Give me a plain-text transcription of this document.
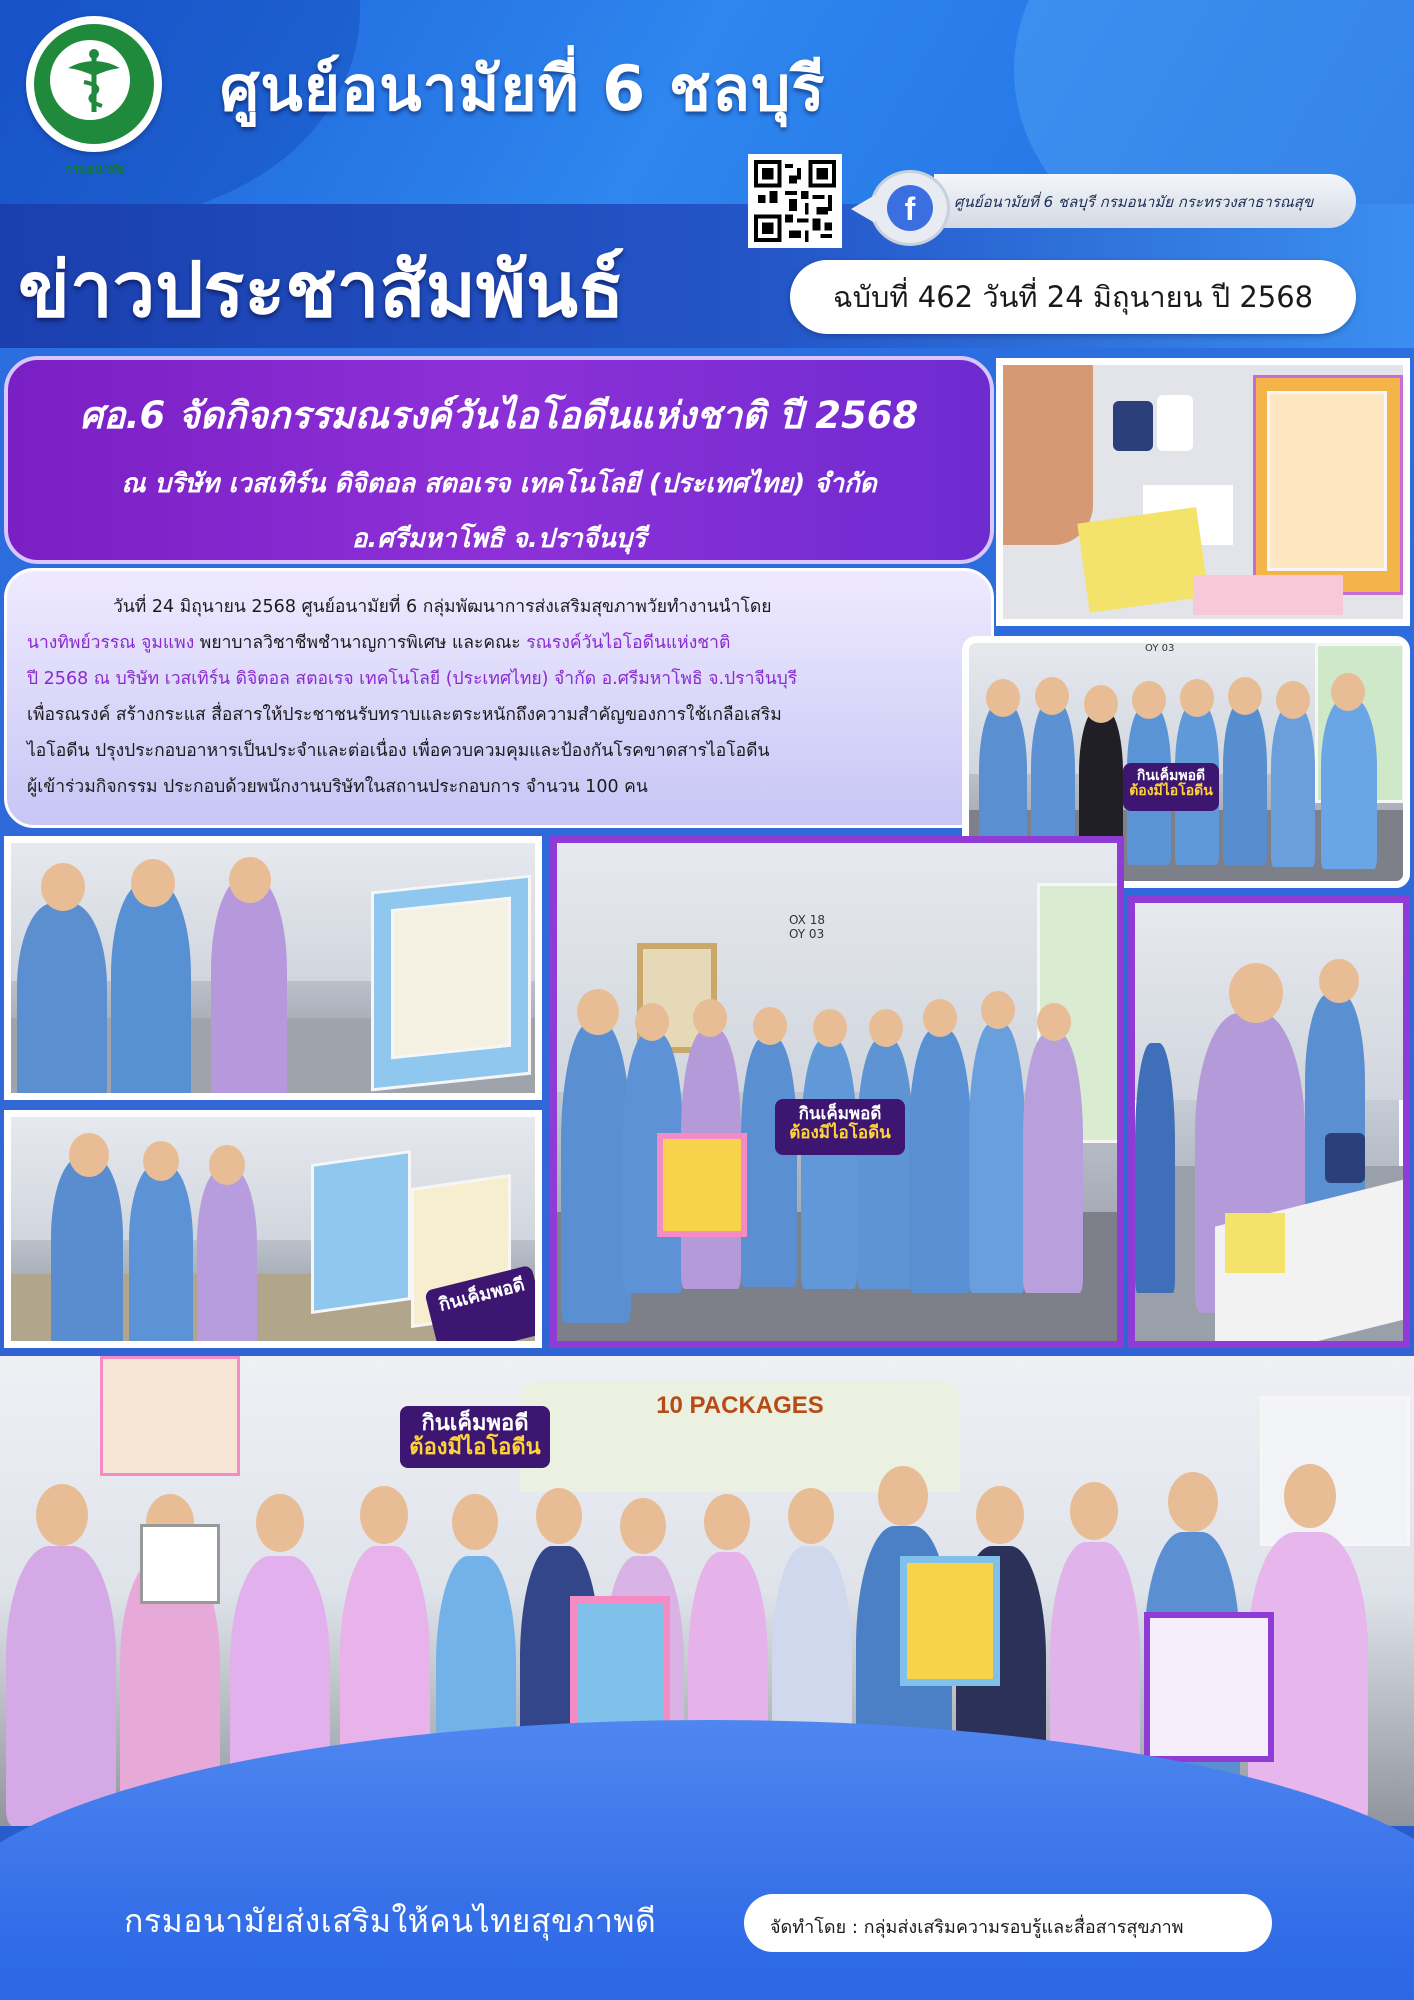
กรมอนามัย
ศูนย์อนามัยที่ 6 ชลบุรี
ข่าวประชาสัมพันธ์
ศูนย์อนามัยที่ 6 ชลบุรี กรมอนามัย กระทรวงสาธารณสุข
f
ฉบับที่ 462 วันที่ 24 มิถุนายน ปี 2568
ศอ.6 จัดกิจกรรมณรงค์วันไอโอดีนแห่งชาติ ปี 2568
ณ บริษัท เวสเทิร์น ดิจิตอล สตอเรจ เทคโนโลยี (ประเทศไทย) จำกัด
อ.ศรีมหาโพธิ จ.ปราจีนบุรี

วันที่ 24 มิถุนายน 2568 ศูนย์อนามัยที่ 6 กลุ่มพัฒนาการส่งเสริมสุขภาพวัยทำงานนำโดย

นางทิพย์วรรณ จูมแพง พยาบาลวิชาชีพชำนาญการพิเศษ และคณะ รณรงค์วันไอโอดีนแห่งชาติ

ปี 2568 ณ บริษัท เวสเทิร์น ดิจิตอล สตอเรจ เทคโนโลยี (ประเทศไทย) จำกัด อ.ศรีมหาโพธิ จ.ปราจีนบุรี

เพื่อรณรงค์ สร้างกระแส สื่อสารให้ประชาชนรับทราบและตระหนักถึงความสำคัญของการใช้เกลือเสริม

ไอโอดีน ปรุงประกอบอาหารเป็นประจำและต่อเนื่อง เพื่อควบควมคุมและป้องกันโรคขาดสารไอโอดีน

ผู้เข้าร่วมกิจกรรม ประกอบด้วยพนักงานบริษัทในสถานประกอบการ จำนวน 100 คน

OY 03
กินเค็มพอดี
ต้องมีไอโอดีน
กินเค็มพอดี
OX 18
OY 03
กินเค็มพอดี
ต้องมีไอโอดีน
10 PACKAGES
กินเค็มพอดี
ต้องมีไอโอดีน
กรมอนามัยส่งเสริมให้คนไทยสุขภาพดี	จัดทำโดย : กลุ่มส่งเสริมความรอบรู้และสื่อสารสุขภาพ
